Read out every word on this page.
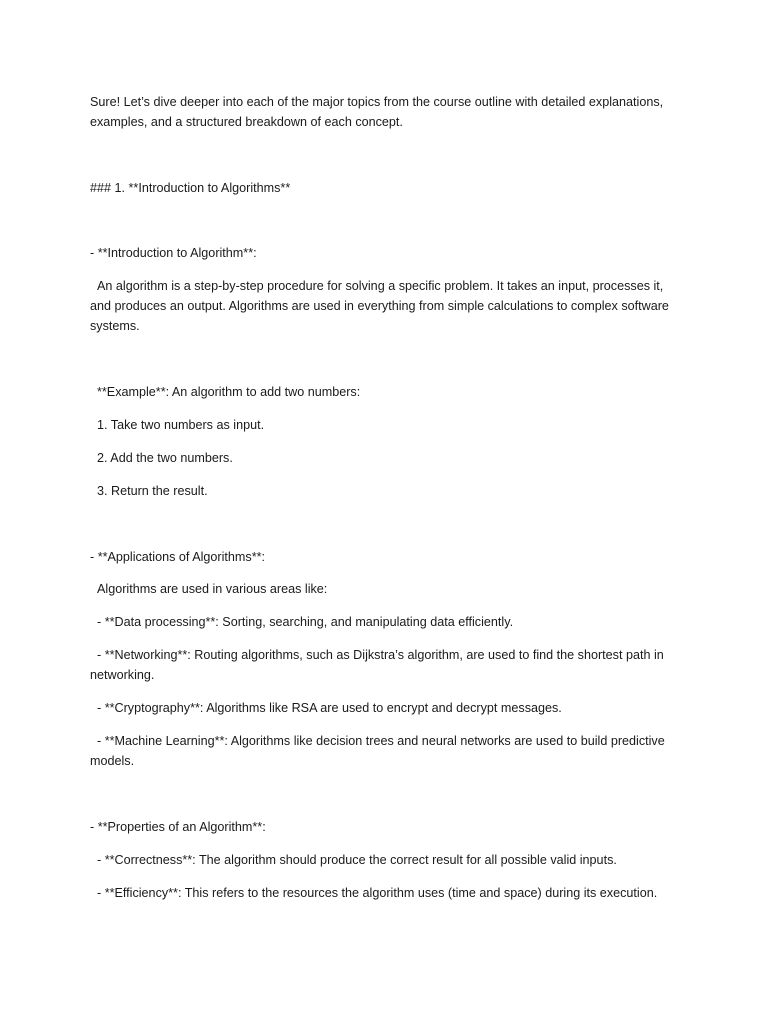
Sure! Let’s dive deeper into each of the major topics from the course outline with detailed explanations, examples, and a structured breakdown of each concept.

### 1. **Introduction to Algorithms**

- **Introduction to Algorithm**:

An algorithm is a step-by-step procedure for solving a specific problem. It takes an input, processes it, and produces an output. Algorithms are used in everything from simple calculations to complex software systems.

**Example**: An algorithm to add two numbers:

1. Take two numbers as input.

2. Add the two numbers.

3. Return the result.

- **Applications of Algorithms**:

Algorithms are used in various areas like:

- **Data processing**: Sorting, searching, and manipulating data efficiently.

- **Networking**: Routing algorithms, such as Dijkstra’s algorithm, are used to find the shortest path in networking.

- **Cryptography**: Algorithms like RSA are used to encrypt and decrypt messages.

- **Machine Learning**: Algorithms like decision trees and neural networks are used to build predictive models.

- **Properties of an Algorithm**:

- **Correctness**: The algorithm should produce the correct result for all possible valid inputs.

- **Efficiency**: This refers to the resources the algorithm uses (time and space) during its execution.
